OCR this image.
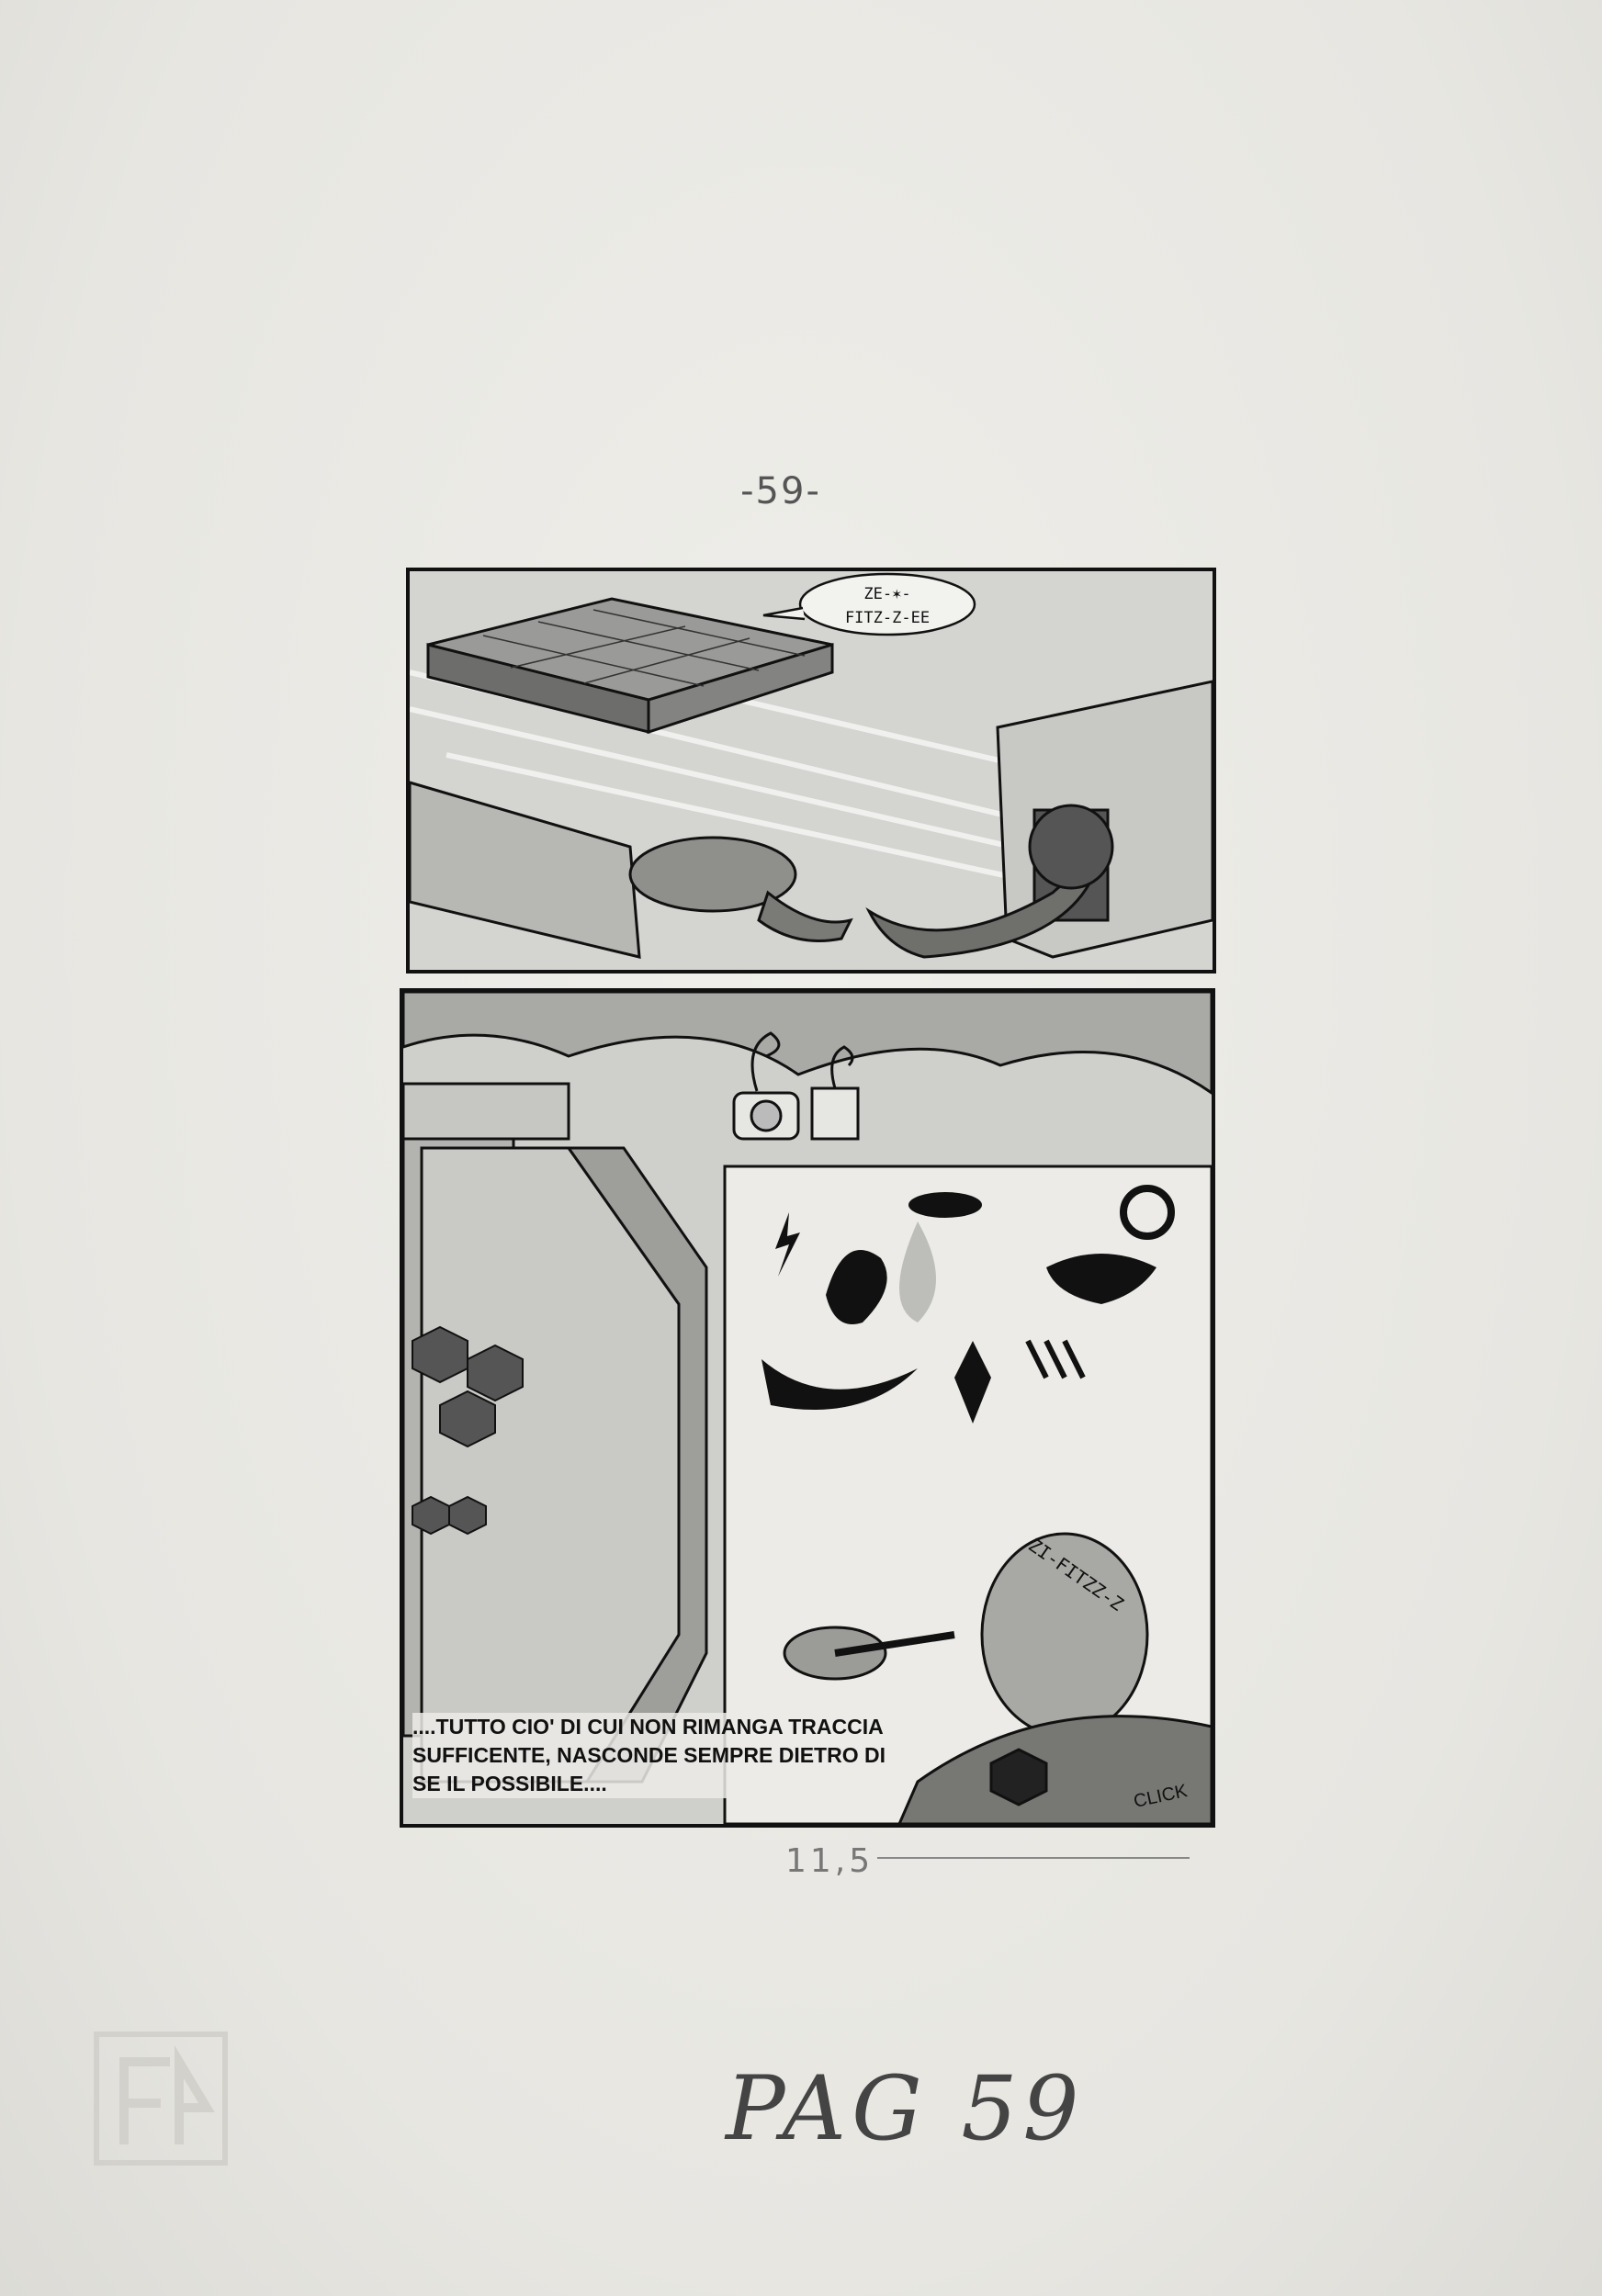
-59-
ZE-✶-
FITZ-Z-EE
ZI-FITZZ-Z
....TUTTO CIO' DI CUI NON RIMANGA TRACCIA SUFFICENTE, NASCONDE SEMPRE DIETRO DI SE IL POSSIBILE....	CLICK
11,5
PAG 59
